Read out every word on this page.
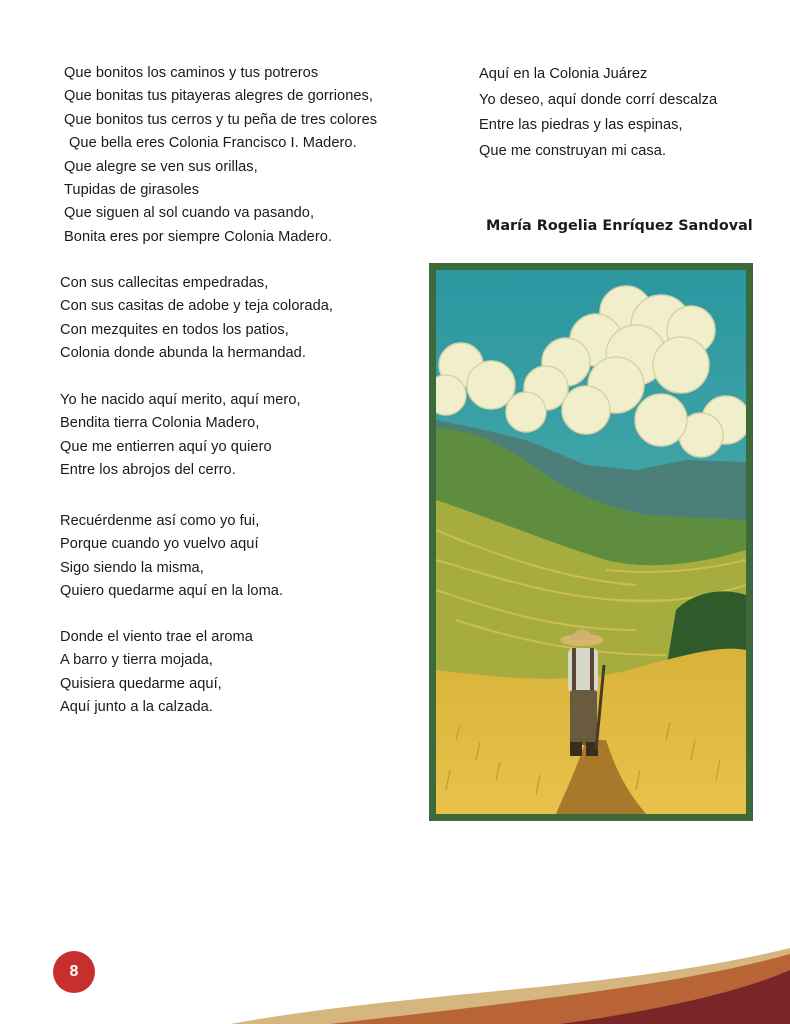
Que bonitos los caminos y tus potreros
Que bonitas tus pitayeras alegres de gorriones,
Que bonitos tus cerros y tu peña de tres colores
Que bella eres Colonia Francisco I. Madero.
Que alegre se ven sus orillas,
Tupidas de girasoles
Que siguen al sol cuando va pasando,
Bonita eres por siempre Colonia Madero.
Con sus callecitas empedradas,
Con sus casitas de adobe y teja colorada,
Con mezquites en todos los patios,
Colonia donde abunda la hermandad.
Yo he nacido aquí merito, aquí mero,
Bendita tierra Colonia Madero,
Que me entierren aquí yo quiero
Entre los abrojos del cerro.
Recuérdenme así como yo fui,
Porque cuando yo vuelvo aquí
Sigo siendo la misma,
Quiero quedarme aquí en la loma.
Donde el viento trae el aroma
A barro y tierra mojada,
Quisiera quedarme aquí,
Aquí junto a la calzada.
Aquí en la Colonia Juárez
Yo deseo, aquí donde corrí descalza
Entre las piedras y las espinas,
Que me construyan mi casa.
María Rogelia Enríquez Sandoval
8
